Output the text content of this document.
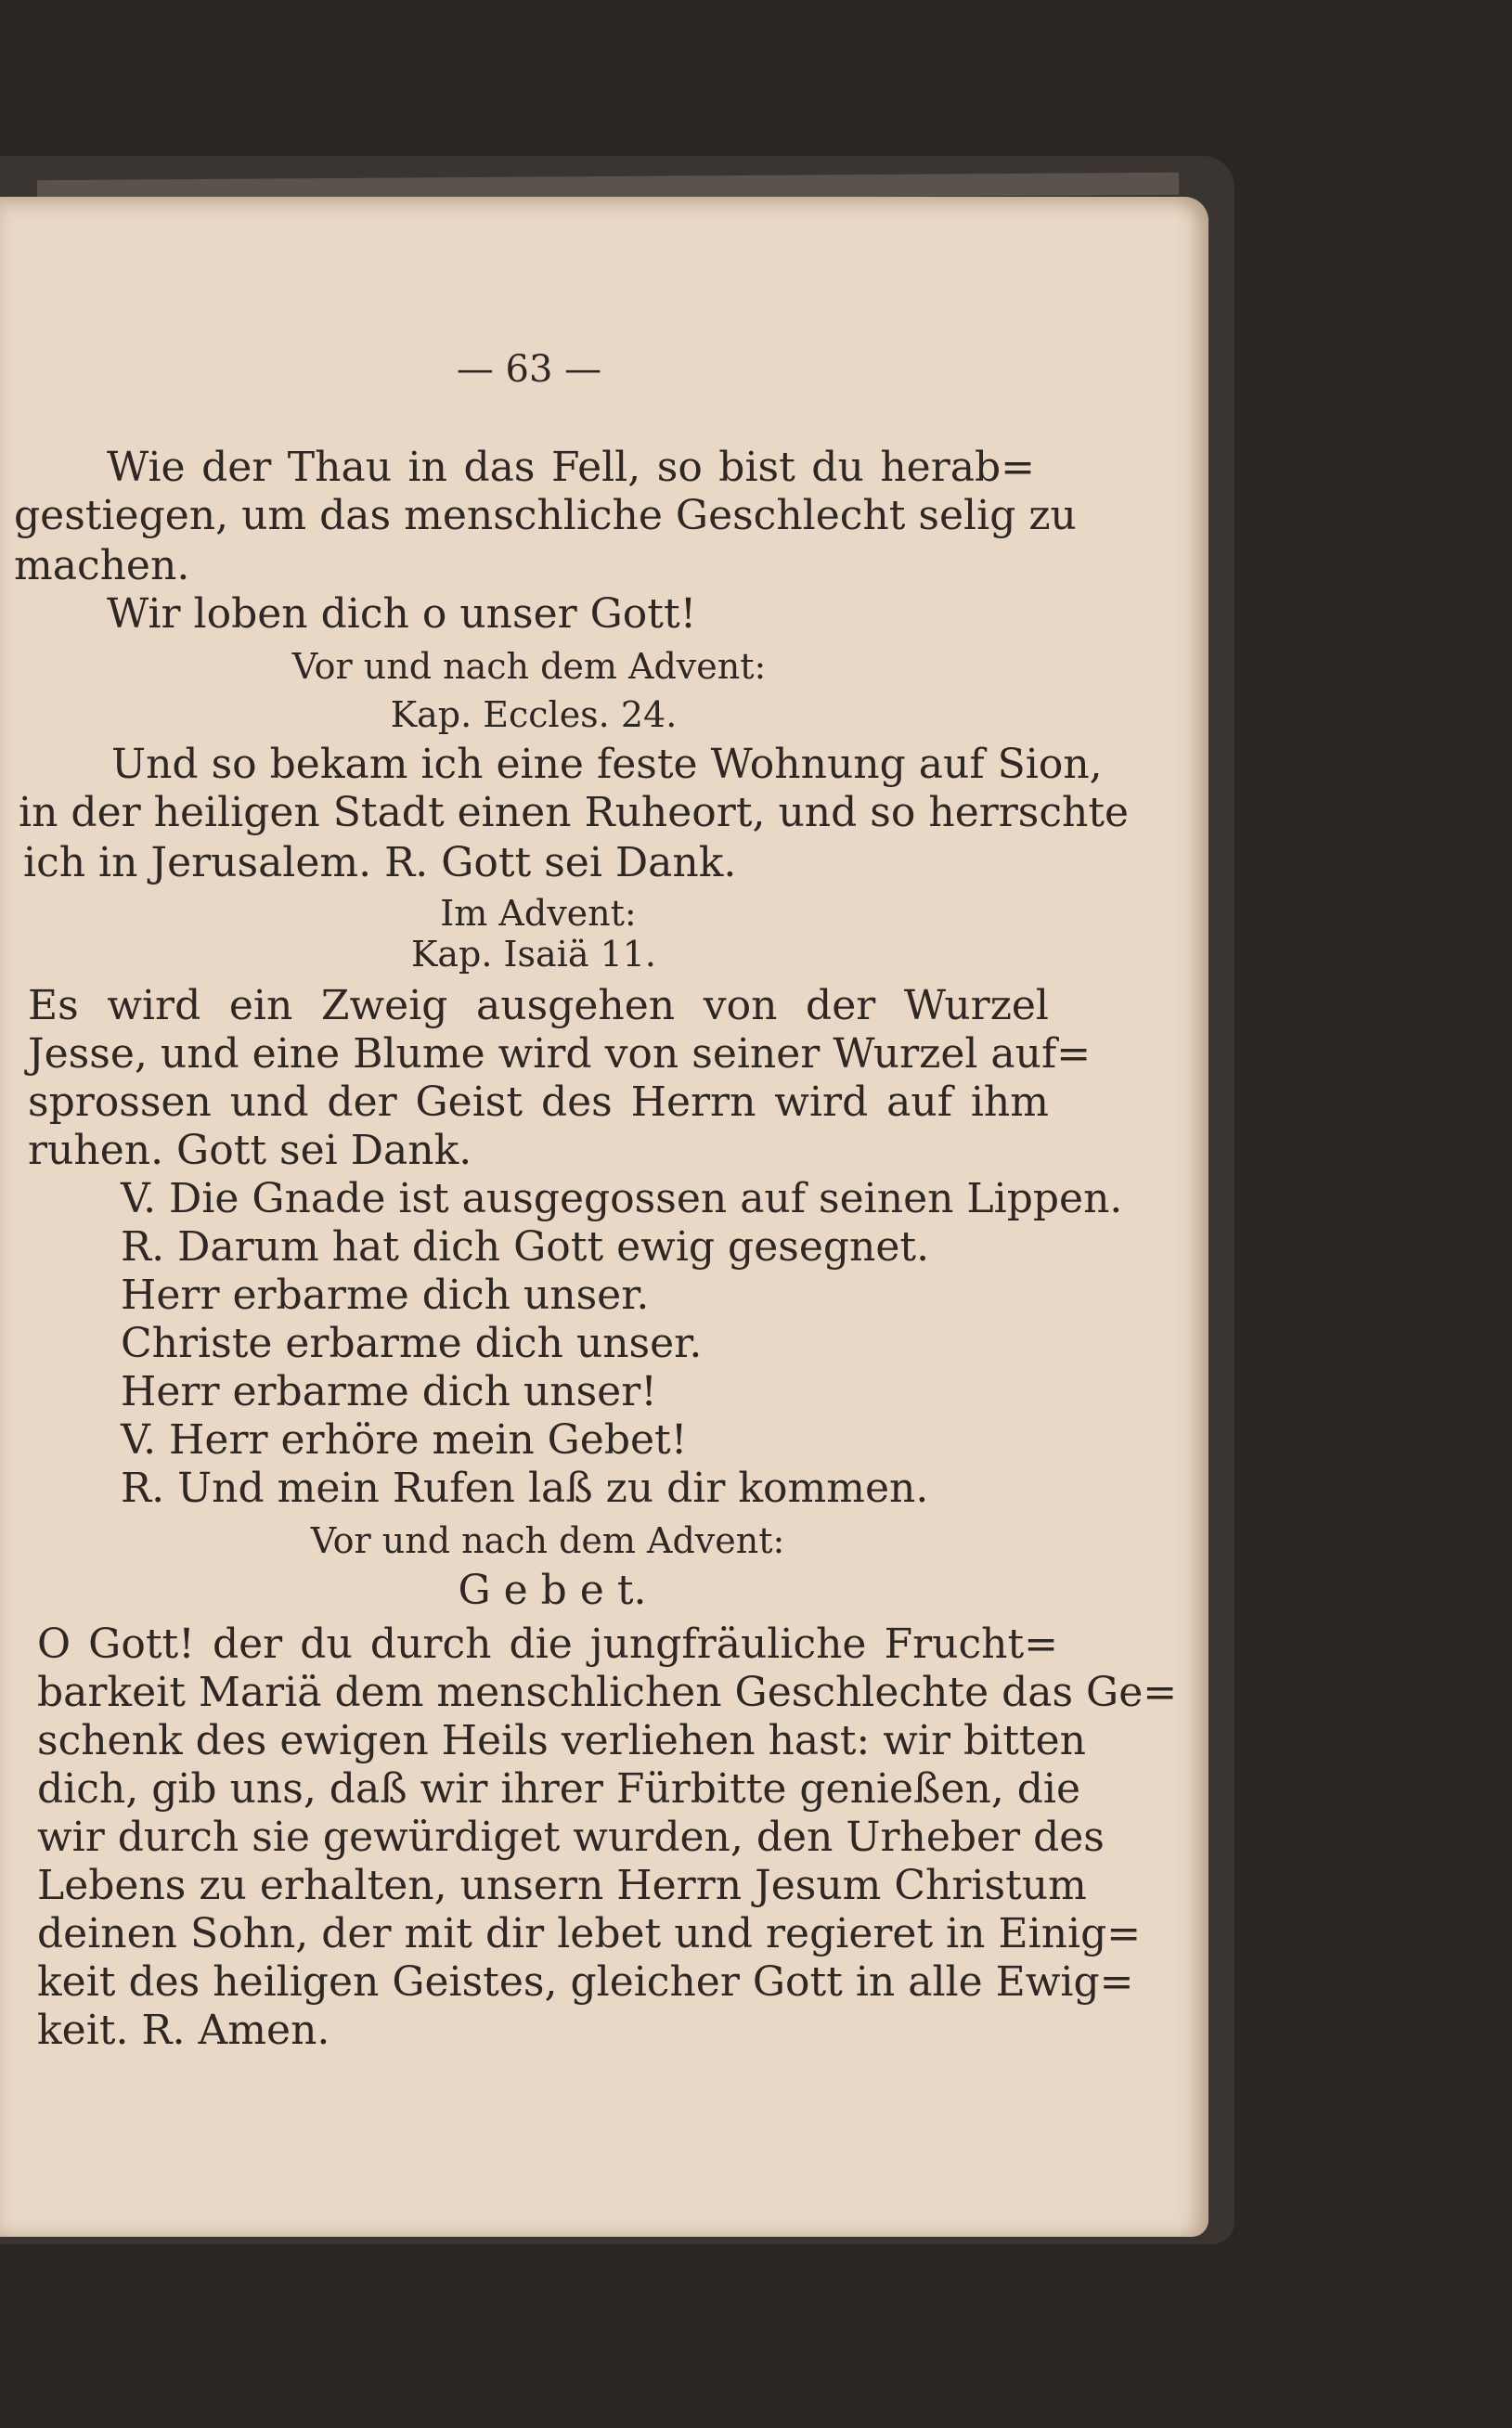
— 63 —
Wie der Thau in das Fell, so bist du herab=
gestiegen, um das menschliche Geschlecht selig zu
machen.
Wir loben dich o unser Gott!
Vor und nach dem Advent:
Kap. Eccles. 24.
Und so bekam ich eine feste Wohnung auf Sion,
in der heiligen Stadt einen Ruheort, und so herrschte
ich in Jerusalem. R. Gott sei Dank.
Im Advent:
Kap. Isaiä 11.
Es wird ein Zweig ausgehen von der Wurzel
Jesse, und eine Blume wird von seiner Wurzel auf=
sprossen und der Geist des Herrn wird auf ihm
ruhen. Gott sei Dank.
V. Die Gnade ist ausgegossen auf seinen Lippen.
R. Darum hat dich Gott ewig gesegnet.
Herr erbarme dich unser.
Christe erbarme dich unser.
Herr erbarme dich unser!
V. Herr erhöre mein Gebet!
R. Und mein Rufen laß zu dir kommen.
Vor und nach dem Advent:
G e b e t.
O Gott! der du durch die jungfräuliche Frucht=
barkeit Mariä dem menschlichen Geschlechte das Ge=
schenk des ewigen Heils verliehen hast: wir bitten
dich, gib uns, daß wir ihrer Fürbitte genießen, die
wir durch sie gewürdiget wurden, den Urheber des
Lebens zu erhalten, unsern Herrn Jesum Christum
deinen Sohn, der mit dir lebet und regieret in Einig=
keit des heiligen Geistes, gleicher Gott in alle Ewig=
keit. R. Amen.
